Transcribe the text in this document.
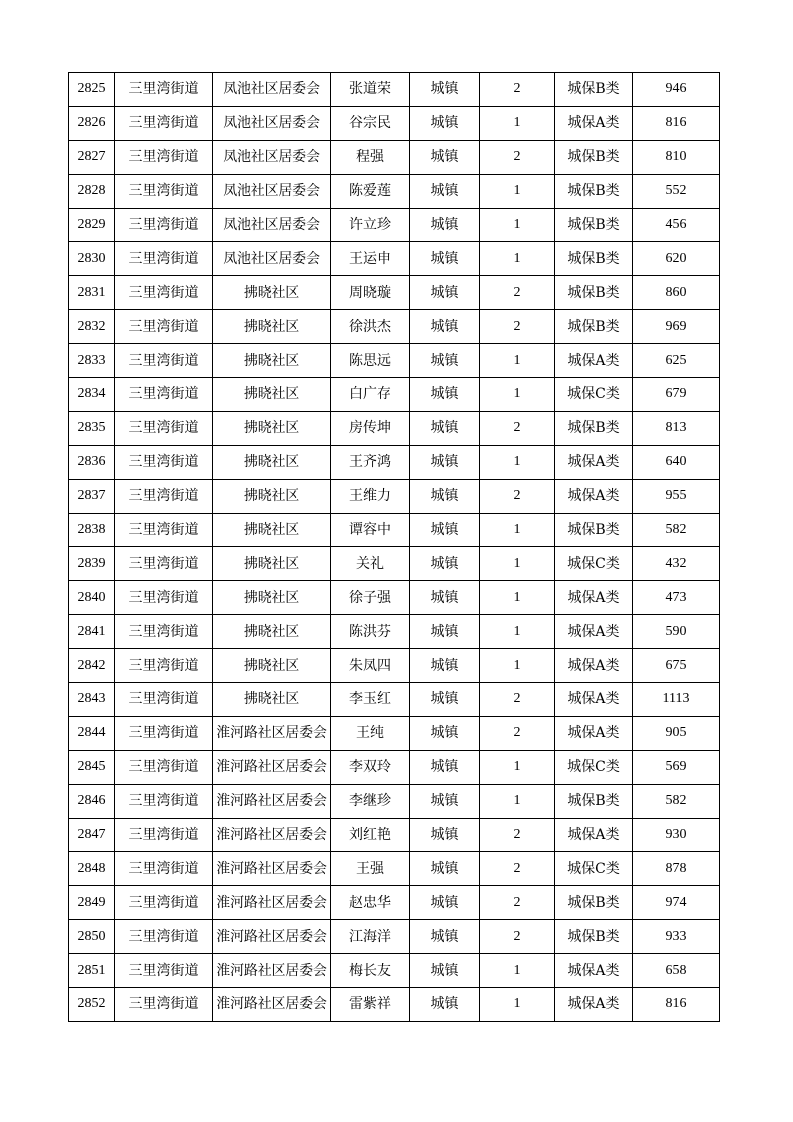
2825	三里湾街道	凤池社区居委会	张道荣	城镇	2	城保B类	946
2826	三里湾街道	凤池社区居委会	谷宗民	城镇	1	城保A类	816
2827	三里湾街道	凤池社区居委会	程强	城镇	2	城保B类	810
2828	三里湾街道	凤池社区居委会	陈爱莲	城镇	1	城保B类	552
2829	三里湾街道	凤池社区居委会	许立珍	城镇	1	城保B类	456
2830	三里湾街道	凤池社区居委会	王运申	城镇	1	城保B类	620
2831	三里湾街道	拂晓社区	周晓璇	城镇	2	城保B类	860
2832	三里湾街道	拂晓社区	徐洪杰	城镇	2	城保B类	969
2833	三里湾街道	拂晓社区	陈思远	城镇	1	城保A类	625
2834	三里湾街道	拂晓社区	白广存	城镇	1	城保C类	679
2835	三里湾街道	拂晓社区	房传坤	城镇	2	城保B类	813
2836	三里湾街道	拂晓社区	王齐鸿	城镇	1	城保A类	640
2837	三里湾街道	拂晓社区	王维力	城镇	2	城保A类	955
2838	三里湾街道	拂晓社区	谭容中	城镇	1	城保B类	582
2839	三里湾街道	拂晓社区	关礼	城镇	1	城保C类	432
2840	三里湾街道	拂晓社区	徐子强	城镇	1	城保A类	473
2841	三里湾街道	拂晓社区	陈洪芬	城镇	1	城保A类	590
2842	三里湾街道	拂晓社区	朱凤四	城镇	1	城保A类	675
2843	三里湾街道	拂晓社区	李玉红	城镇	2	城保A类	1113
2844	三里湾街道	淮河路社区居委会	王纯	城镇	2	城保A类	905
2845	三里湾街道	淮河路社区居委会	李双玲	城镇	1	城保C类	569
2846	三里湾街道	淮河路社区居委会	李继珍	城镇	1	城保B类	582
2847	三里湾街道	淮河路社区居委会	刘红艳	城镇	2	城保A类	930
2848	三里湾街道	淮河路社区居委会	王强	城镇	2	城保C类	878
2849	三里湾街道	淮河路社区居委会	赵忠华	城镇	2	城保B类	974
2850	三里湾街道	淮河路社区居委会	江海洋	城镇	2	城保B类	933
2851	三里湾街道	淮河路社区居委会	梅长友	城镇	1	城保A类	658
2852	三里湾街道	淮河路社区居委会	雷紫祥	城镇	1	城保A类	816
